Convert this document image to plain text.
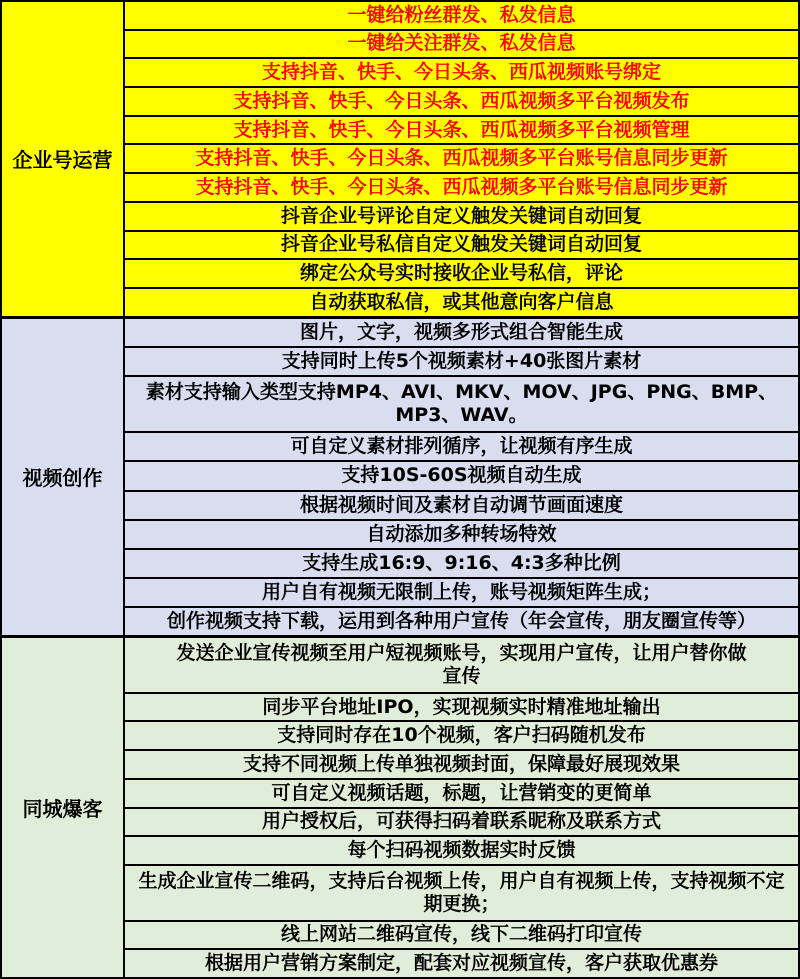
企业号运营
一键给粉丝群发、私发信息
一键给关注群发、私发信息
支持抖音、快手、今日头条、西瓜视频账号绑定
支持抖音、快手、今日头条、西瓜视频多平台视频发布
支持抖音、快手、今日头条、西瓜视频多平台视频管理
支持抖音、快手、今日头条、西瓜视频多平台账号信息同步更新
支持抖音、快手、今日头条、西瓜视频多平台账号信息同步更新
抖音企业号评论自定义触发关键词自动回复
抖音企业号私信自定义触发关键词自动回复
绑定公众号实时接收企业号私信，评论
自动获取私信，或其他意向客户信息
视频创作
图片，文字，视频多形式组合智能生成
支持同时上传5个视频素材+40张图片素材
素材支持输入类型支持MP4、AVI、MKV、MOV、JPG、PNG、BMP、MP3、WAV。
可自定义素材排列循序，让视频有序生成
支持10S-60S视频自动生成
根据视频时间及素材自动调节画面速度
自动添加多种转场特效
支持生成16:9、9:16、4:3多种比例
用户自有视频无限制上传，账号视频矩阵生成；
创作视频支持下载，运用到各种用户宣传（年会宣传，朋友圈宣传等）
同城爆客
发送企业宣传视频至用户短视频账号，实现用户宣传，让用户替你做宣传
同步平台地址IPO，实现视频实时精准地址输出
支持同时存在10个视频，客户扫码随机发布
支持不同视频上传单独视频封面，保障最好展现效果
可自定义视频话题，标题，让营销变的更简单
用户授权后，可获得扫码着联系昵称及联系方式
每个扫码视频数据实时反馈
生成企业宣传二维码，支持后台视频上传，用户自有视频上传，支持视频不定期更换；
线上网站二维码宣传，线下二维码打印宣传
根据用户营销方案制定，配套对应视频宣传，客户获取优惠券
